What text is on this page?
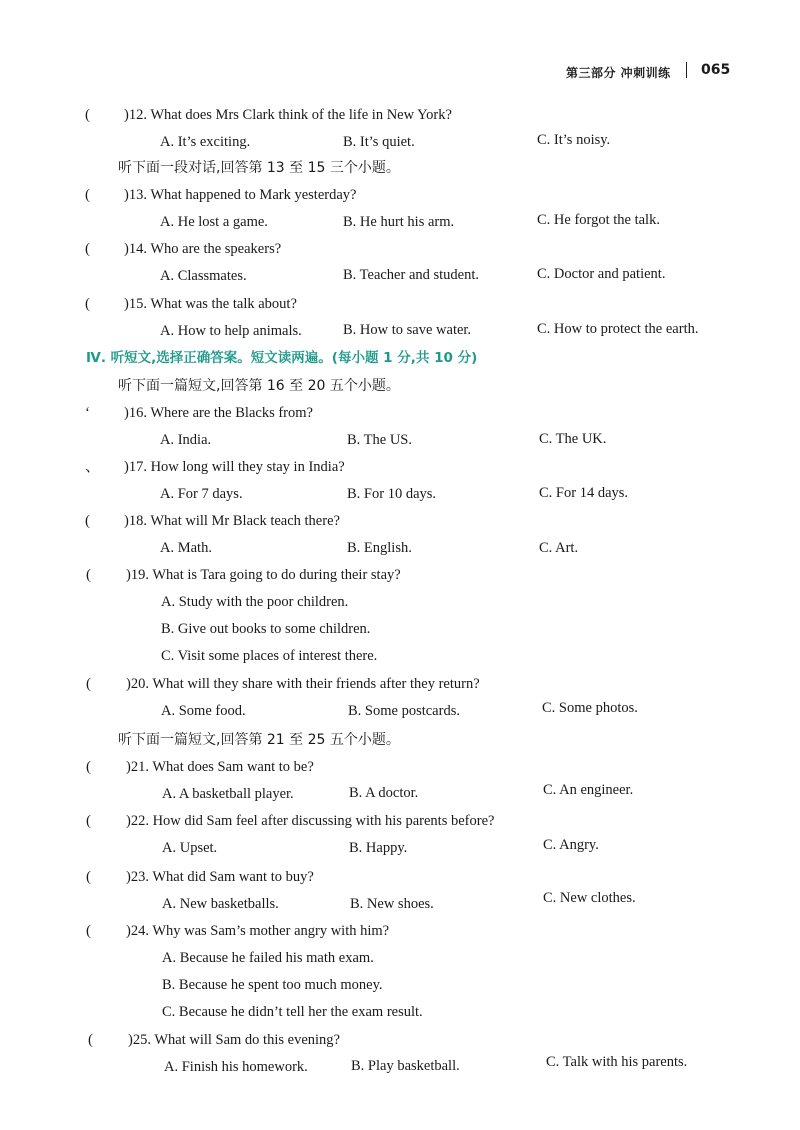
第三部分 冲刺训练 065
( )12. What does Mrs Clark think of the life in New York?
A. It’s exciting.	B. It’s quiet.	C. It’s noisy.
听下面一段对话,回答第 13 至 15 三个小题。
( )13. What happened to Mark yesterday?
A. He lost a game.	B. He hurt his arm.	C. He forgot the talk.
( )14. Who are the speakers?
A. Classmates.	B. Teacher and student.	C. Doctor and patient.
( )15. What was the talk about?
A. How to help animals.	B. How to save water.	C. How to protect the earth.
Ⅳ. 听短文,选择正确答案。短文读两遍。(每小题 1 分,共 10 分)
听下面一篇短文,回答第 16 至 20 五个小题。
‘ )16. Where are the Blacks from?
A. India.	B. The US.	C. The UK.
、 )17. How long will they stay in India?
A. For 7 days.	B. For 10 days.	C. For 14 days.
( )18. What will Mr Black teach there?
A. Math.	B. English.	C. Art.
( )19. What is Tara going to do during their stay?
A. Study with the poor children.
B. Give out books to some children.
C. Visit some places of interest there.
( )20. What will they share with their friends after they return?
A. Some food.	B. Some postcards.	C. Some photos.
听下面一篇短文,回答第 21 至 25 五个小题。
( )21. What does Sam want to be?
A. A basketball player.	B. A doctor.	C. An engineer.
( )22. How did Sam feel after discussing with his parents before?
A. Upset.	B. Happy.	C. Angry.
( )23. What did Sam want to buy?
A. New basketballs.	B. New shoes.	C. New clothes.
( )24. Why was Sam’s mother angry with him?
A. Because he failed his math exam.
B. Because he spent too much money.
C. Because he didn’t tell her the exam result.
( )25. What will Sam do this evening?
A. Finish his homework.	B. Play basketball.	C. Talk with his parents.
